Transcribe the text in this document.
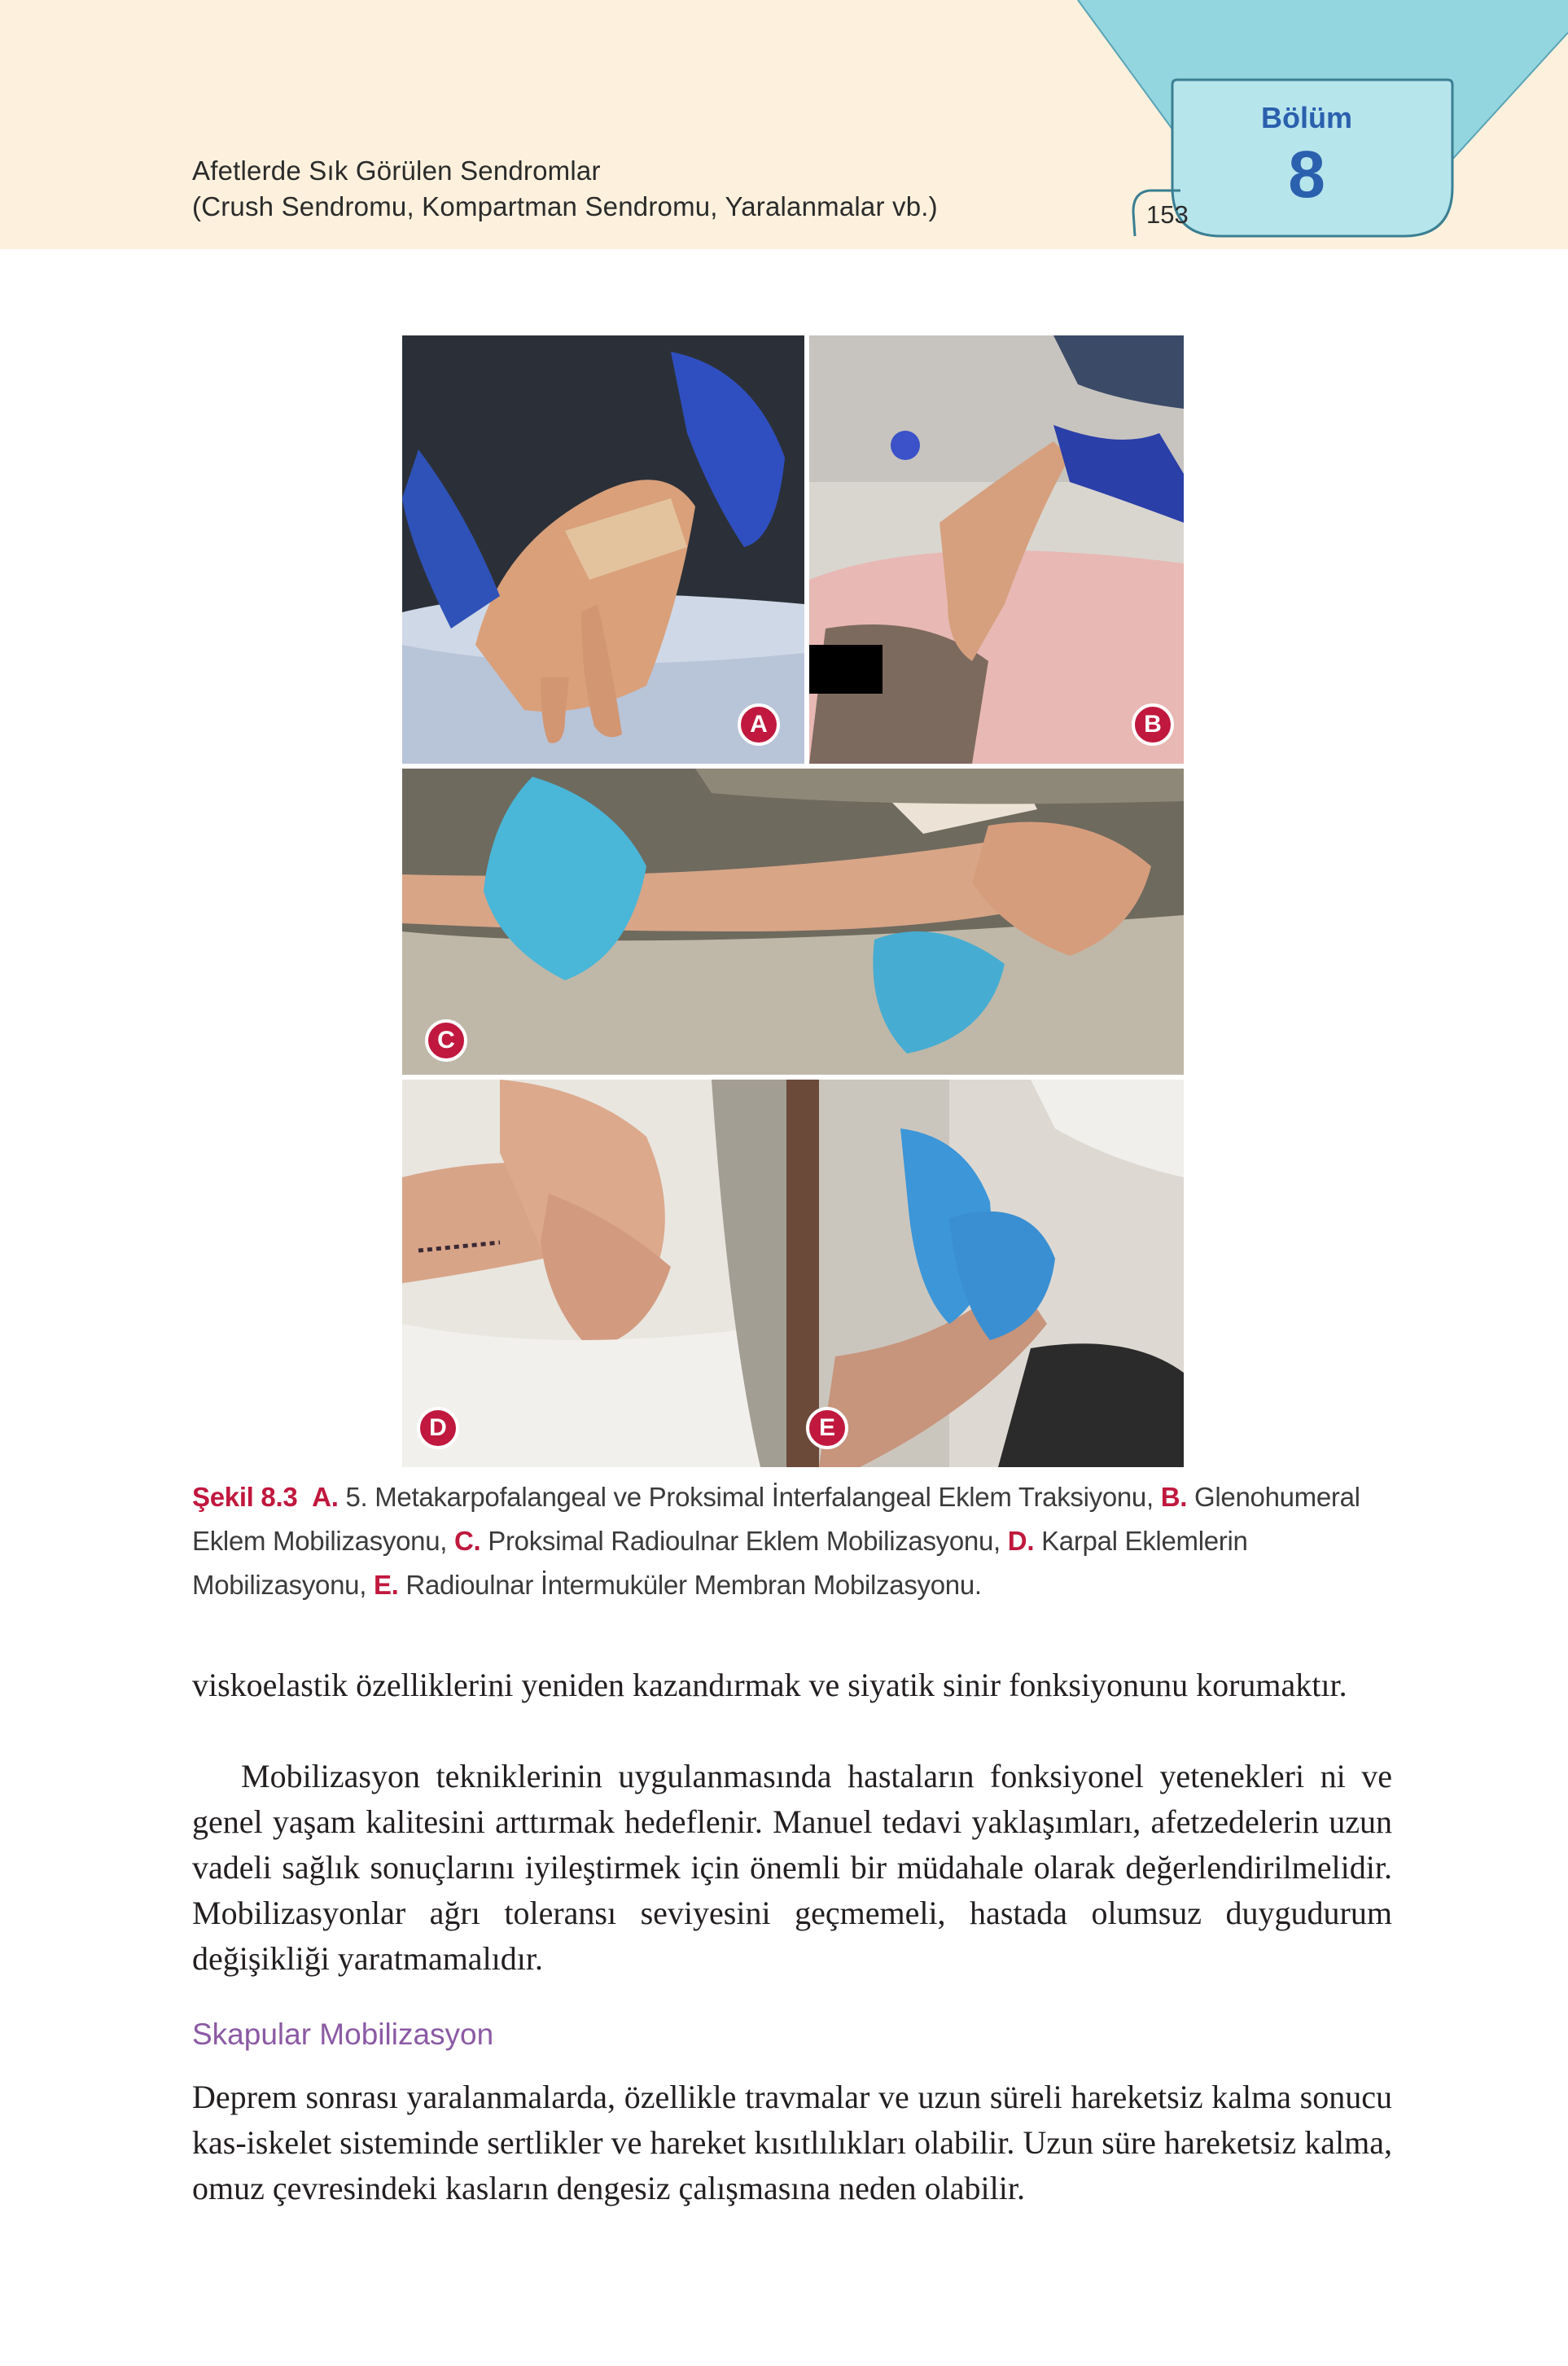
Afetlerde Sık Görülen Sendromlar
(Crush Sendromu, Kompartman Sendromu, Yaralanmalar vb.)	153
Bölüm
8
A	B
C
D	E
Şekil 8.3 A. 5. Metakarpofalangeal ve Proksimal İnterfalangeal Eklem Traksiyonu, B. Glenohumeral Eklem Mobilizasyonu, C. Proksimal Radioulnar Eklem Mobilizasyonu, D. Karpal Eklemlerin Mobilizasyonu, E. Radioulnar İntermuküler Membran Mobilzasyonu.

viskoelastik özelliklerini yeniden kazandırmak ve siyatik sinir fonksiyonunu korumaktır.

Mobilizasyon tekniklerinin uygulanmasında hastaların fonksiyonel yetenekleri ni ve genel yaşam kalitesini arttırmak hedeflenir. Manuel tedavi yaklaşımları, afetzedelerin uzun vadeli sağlık sonuçlarını iyileştirmek için önemli bir müdahale olarak değerlendirilmelidir. Mobilizasyonlar ağrı toleransı seviyesini geçmemeli, hastada olumsuz duygudurum değişikliği yaratmamalıdır.

Skapular Mobilizasyon

Deprem sonrası yaralanmalarda, özellikle travmalar ve uzun süreli hareketsiz kalma sonucu kas-iskelet sisteminde sertlikler ve hareket kısıtlılıkları olabilir. Uzun süre hareketsiz kalma, omuz çevresindeki kasların dengesiz çalışmasına neden olabilir.
